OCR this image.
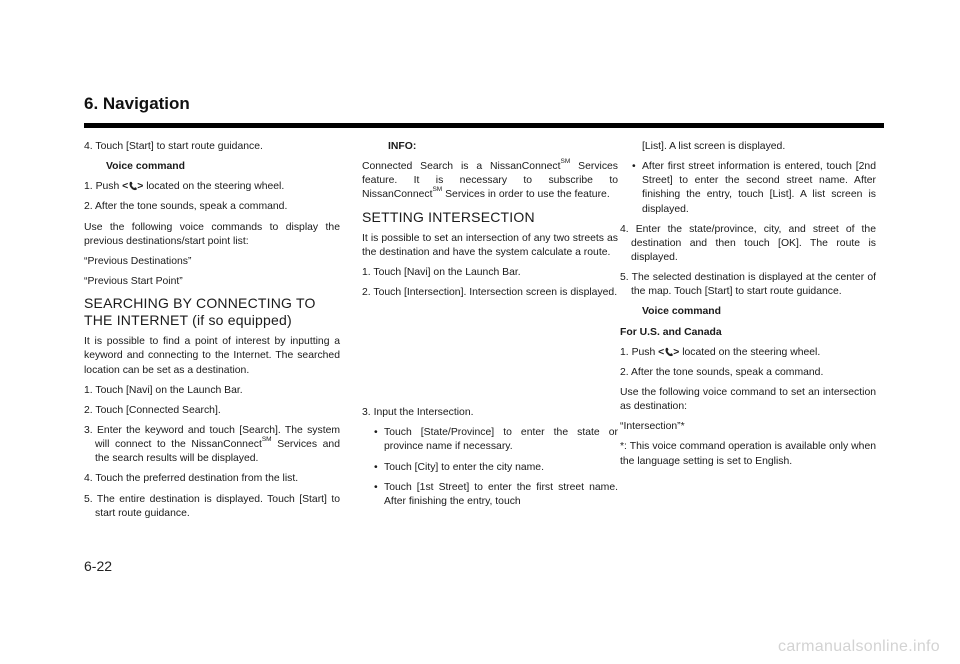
6. Navigation

4. Touch [Start] to start route guidance.

Voice command

1. Push < > located on the steering wheel.

2. After the tone sounds, speak a command.

Use the following voice commands to display the previous destinations/start point list:

“Previous Destinations”

“Previous Start Point”

SEARCHING BY CONNECTING TO THE INTERNET (if so equipped)

It is possible to find a point of interest by inputting a keyword and connecting to the Internet. The searched location can be set as a destination.

1. Touch [Navi] on the Launch Bar.

2. Touch [Connected Search].

3. Enter the keyword and touch [Search]. The system will connect to the NissanConnect℠ Services and the search results will be displayed.

4. Touch the preferred destination from the list.

5. The entire destination is displayed. Touch [Start] to start route guidance.

INFO:

Connected Search is a NissanConnect℠ Services feature. It is necessary to subscribe to NissanConnect℠ Services in order to use the feature.

SETTING INTERSECTION

It is possible to set an intersection of any two streets as the destination and have the system calculate a route.

1. Touch [Navi] on the Launch Bar.

2. Touch [Intersection]. Intersection screen is displayed.

3. Input the Intersection.

• Touch [State/Province] to enter the state or province name if necessary.

• Touch [City] to enter the city name.

• Touch [1st Street] to enter the first street name. After finishing the entry, touch

[List]. A list screen is displayed.

• After first street information is entered, touch [2nd Street] to enter the second street name. After finishing the entry, touch [List]. A list screen is displayed.

4. Enter the state/province, city, and street of the destination and then touch [OK]. The route is displayed.

5. The selected destination is displayed at the center of the map. Touch [Start] to start route guidance.

Voice command

For U.S. and Canada

1. Push < > located on the steering wheel.

2. After the tone sounds, speak a command.

Use the following voice command to set an intersection as destination:

“Intersection”*

*: This voice command operation is available only when the language setting is set to English.

6-22

carmanualsonline.info
